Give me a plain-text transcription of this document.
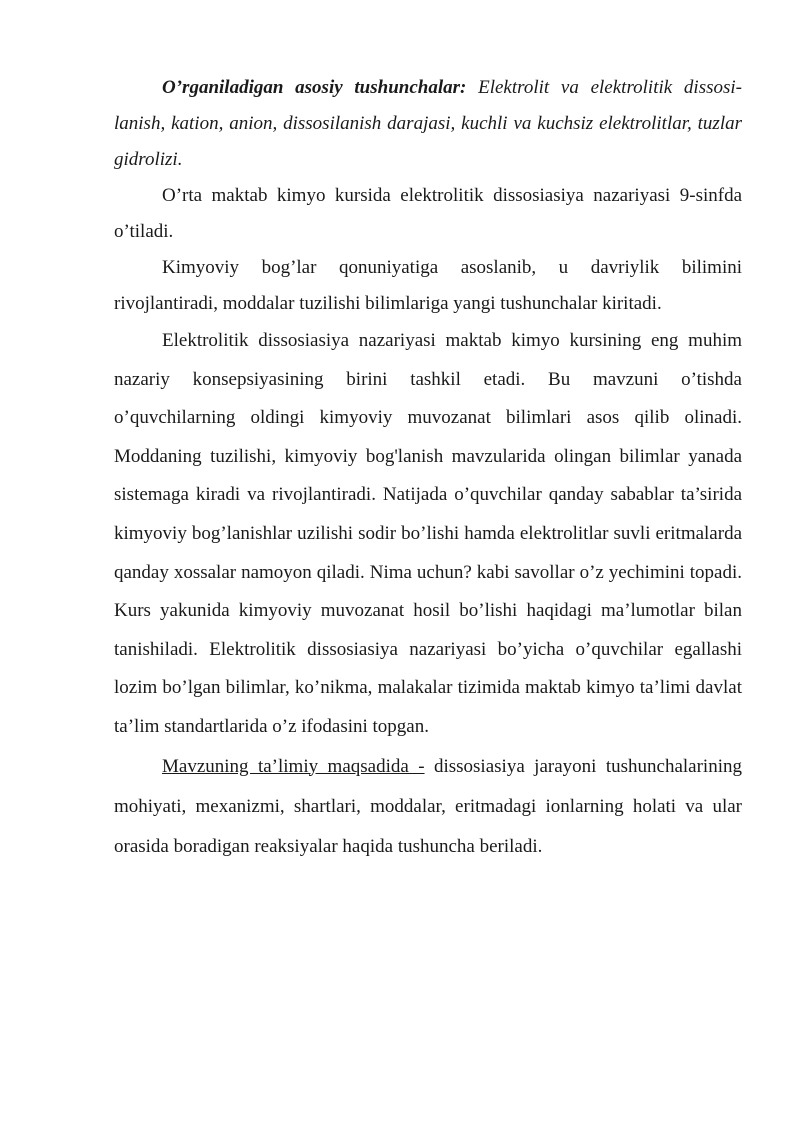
O’rganiladigan asosiy tushunchalar: Elektrolit va elektrolitik dissosi-lanish, kation, anion, dissosilanish darajasi, kuchli va kuchsiz elektrolitlar, tuzlar gidrolizi.

O’rta maktab kimyo kursida elektrolitik dissosiasiya nazariyasi 9-sinfda o’tiladi.

Kimyoviy bog’lar qonuniyatiga asoslanib, u davriylik bilimini rivojlantiradi, moddalar tuzilishi bilimlariga yangi tushunchalar kiritadi.

Elektrolitik dissosiasiya nazariyasi maktab kimyo kursining eng muhim nazariy konsepsiyasining birini tashkil etadi. Bu mavzuni o’tishda o’quvchilarning oldingi kimyoviy muvozanat bilimlari asos qilib olinadi. Moddaning tuzilishi, kimyoviy bog'lanish mavzularida olingan bilimlar yanada sistemaga kiradi va rivojlantiradi. Natijada o’quvchilar qanday sabablar ta’sirida kimyoviy bog’lanishlar uzilishi sodir bo’lishi hamda elektrolitlar suvli eritmalarda qanday xossalar namoyon qiladi. Nima uchun? kabi savollar o’z yechimini topadi. Kurs yakunida kimyoviy muvozanat hosil bo’lishi haqidagi ma’lumotlar bilan tanishiladi. Elektrolitik dissosiasiya nazariyasi bo’yicha o’quvchilar egallashi lozim bo’lgan bilimlar, ko’nikma, malakalar tizimida maktab kimyo ta’limi davlat ta’lim standartlarida o’z ifodasini topgan.

Mavzuning ta’limiy maqsadida - dissosiasiya jarayoni tushunchalarining mohiyati, mexanizmi, shartlari, moddalar, eritmadagi ionlarning holati va ular orasida boradigan reaksiyalar haqida tushuncha beriladi.
